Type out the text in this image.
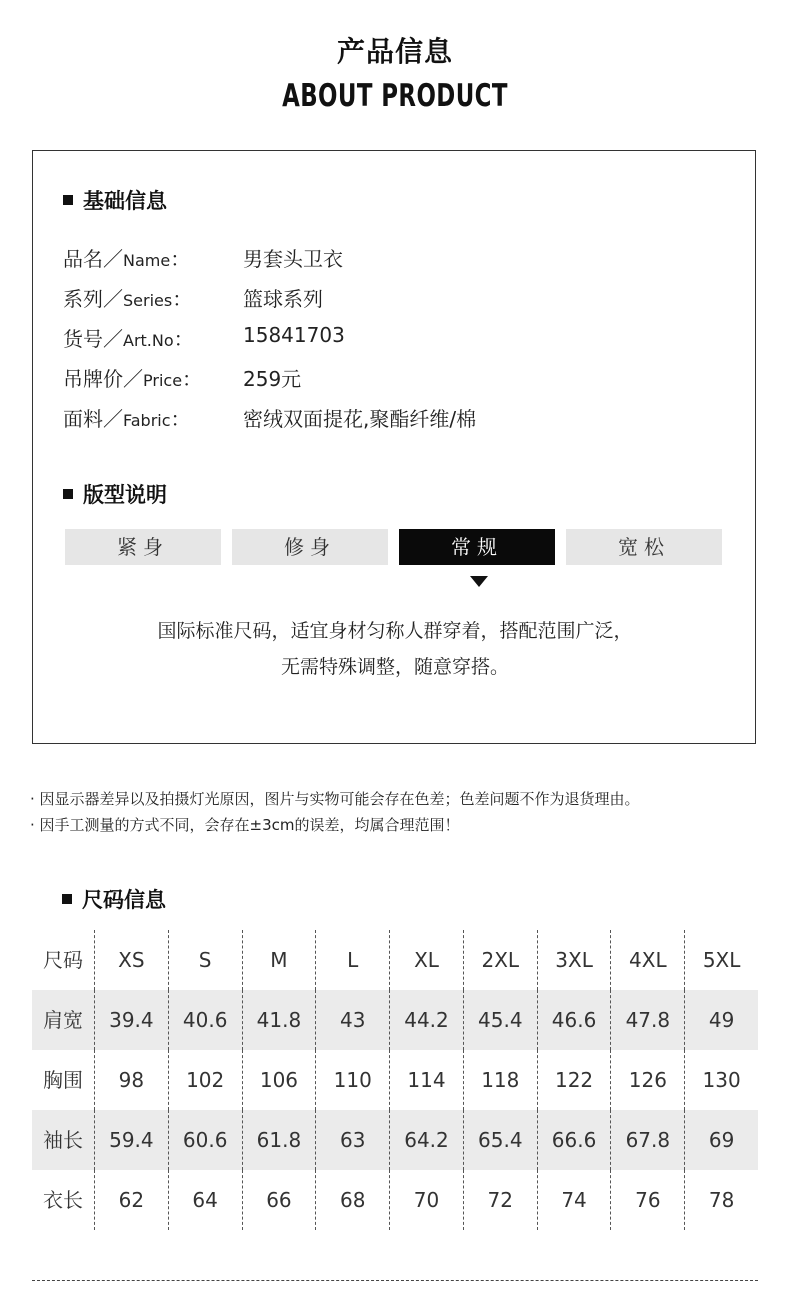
产品信息
ABOUT PRODUCT
基础信息
品名／Name：	男套头卫衣
系列／Series：	篮球系列
货号／Art.No：	15841703
吊牌价／Price：	259元
面料／Fabric：	密绒双面提花,聚酯纤维/棉
版型说明
紧身	修身	常规	宽松
国际标准尺码，适宜身材匀称人群穿着，搭配范围广泛，
无需特殊调整，随意穿搭。
· 因显示器差异以及拍摄灯光原因，图片与实物可能会存在色差；色差问题不作为退货理由。
· 因手工测量的方式不同，会存在±3cm的误差，均属合理范围！
尺码信息
尺码	XS	S	M	L	XL	2XL	3XL	4XL	5XL
肩宽	39.4	40.6	41.8	43	44.2	45.4	46.6	47.8	49
胸围	98	102	106	110	114	118	122	126	130
袖长	59.4	60.6	61.8	63	64.2	65.4	66.6	67.8	69
衣长	62	64	66	68	70	72	74	76	78
